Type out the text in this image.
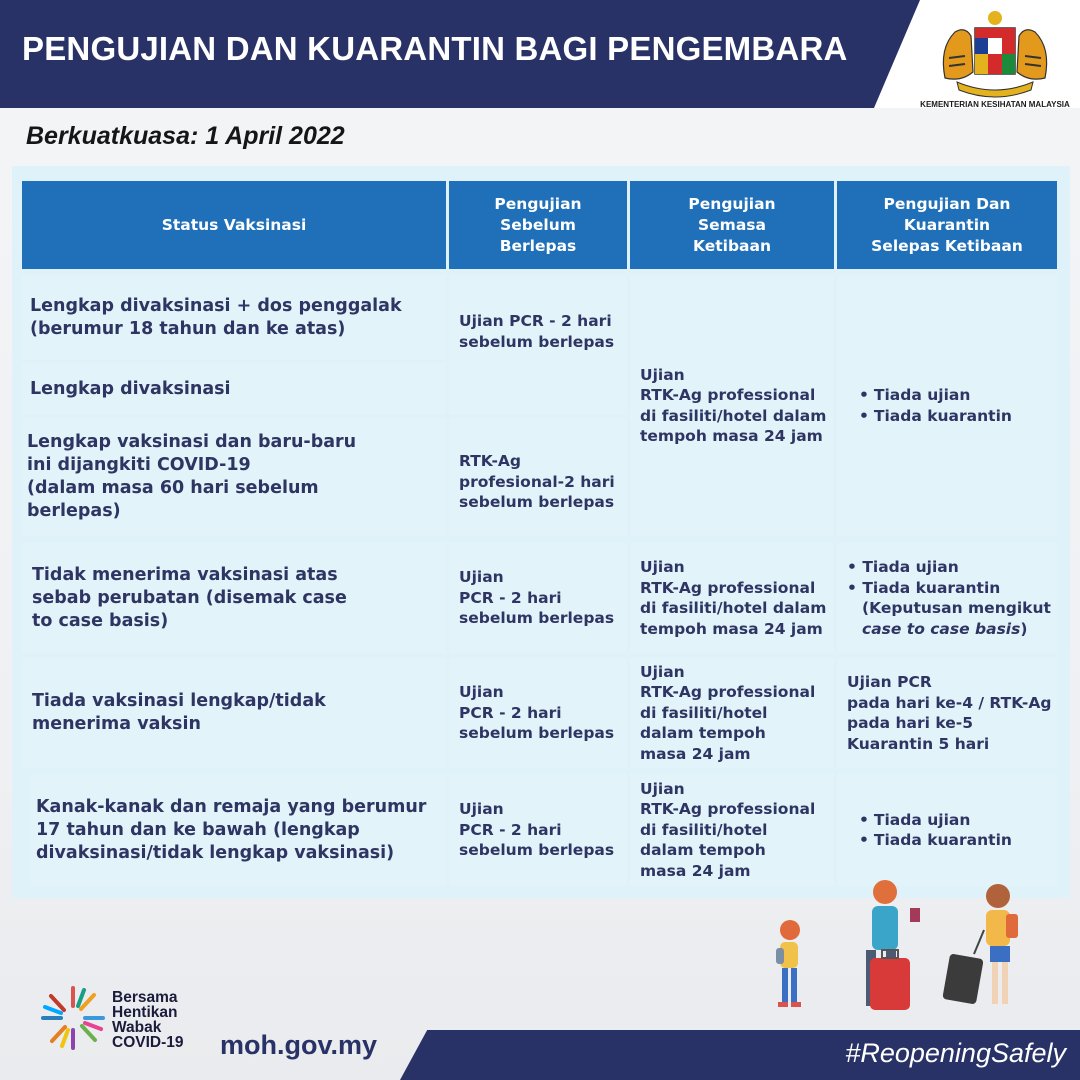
PENGUJIAN DAN KUARANTIN BAGI PENGEMBARA
KEMENTERIAN KESIHATAN MALAYSIA
Berkuatkuasa: 1 April 2022
Status Vaksinasi
Pengujian
Sebelum
Berlepas
Pengujian
Semasa
Ketibaan
Pengujian Dan
Kuarantin
Selepas Ketibaan
Lengkap divaksinasi + dos penggalak
(berumur 18 tahun dan ke atas)
Lengkap divaksinasi
Lengkap vaksinasi dan baru-baru
ini dijangkiti COVID-19
(dalam masa 60 hari sebelum
berlepas)
Ujian PCR - 2 hari
sebelum berlepas
RTK-Ag
profesional-2 hari
sebelum berlepas
Ujian
RTK-Ag professional
di fasiliti/hotel dalam
tempoh masa 24 jam
• Tiada ujian
• Tiada kuarantin
Tidak menerima vaksinasi atas
sebab perubatan (disemak case
to case basis)
Ujian
PCR - 2 hari
sebelum berlepas
Ujian
RTK-Ag professional
di fasiliti/hotel dalam
tempoh masa 24 jam
• Tiada ujian
• Tiada kuarantin
(Keputusan mengikut
case to case basis)
Tiada vaksinasi lengkap/tidak
menerima vaksin
Ujian
PCR - 2 hari
sebelum berlepas
Ujian
RTK-Ag professional
di fasiliti/hotel
dalam tempoh
masa 24 jam
Ujian PCR
pada hari ke-4 / RTK-Ag
pada hari ke-5
Kuarantin 5 hari
Kanak-kanak dan remaja yang berumur
17 tahun dan ke bawah (lengkap
divaksinasi/tidak lengkap vaksinasi)
Ujian
PCR - 2 hari
sebelum berlepas
Ujian
RTK-Ag professional
di fasiliti/hotel
dalam tempoh
masa 24 jam
• Tiada ujian
• Tiada kuarantin
Bersama
Hentikan
Wabak
COVID-19 moh.gov.my	#ReopeningSafely
